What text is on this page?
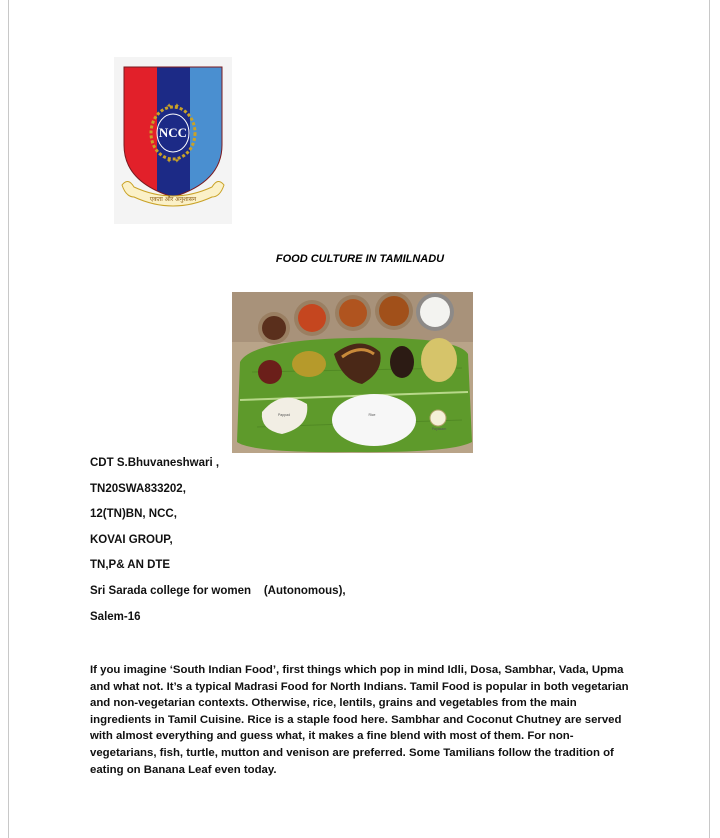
NCC
✦ ✦
✦ ✦
एकता और अनुशासन
FOOD CULTURE IN TAMILNADU
Pappad	Rice
Payasam
CDT S.Bhuvaneshwari ,
TN20SWA833202,
12(TN)BN, NCC,
KOVAI GROUP,
TN,P& AN DTE
Sri Sarada college for women    (Autonomous),
Salem-16
If you imagine ‘South Indian Food’, first things which pop in mind Idli, Dosa, Sambhar, Vada, Upma and what not. It’s a typical Madrasi Food for North Indians. Tamil Food is popular in both vegetarian and non-vegetarian contexts. Otherwise, rice, lentils, grains and vegetables from the main ingredients in Tamil Cuisine. Rice is a staple food here. Sambhar and Coconut Chutney are served with almost everything and guess what, it makes a fine blend with most of them. For non-vegetarians, fish, turtle, mutton and venison are preferred. Some Tamilians follow the tradition of eating on Banana Leaf even today.
